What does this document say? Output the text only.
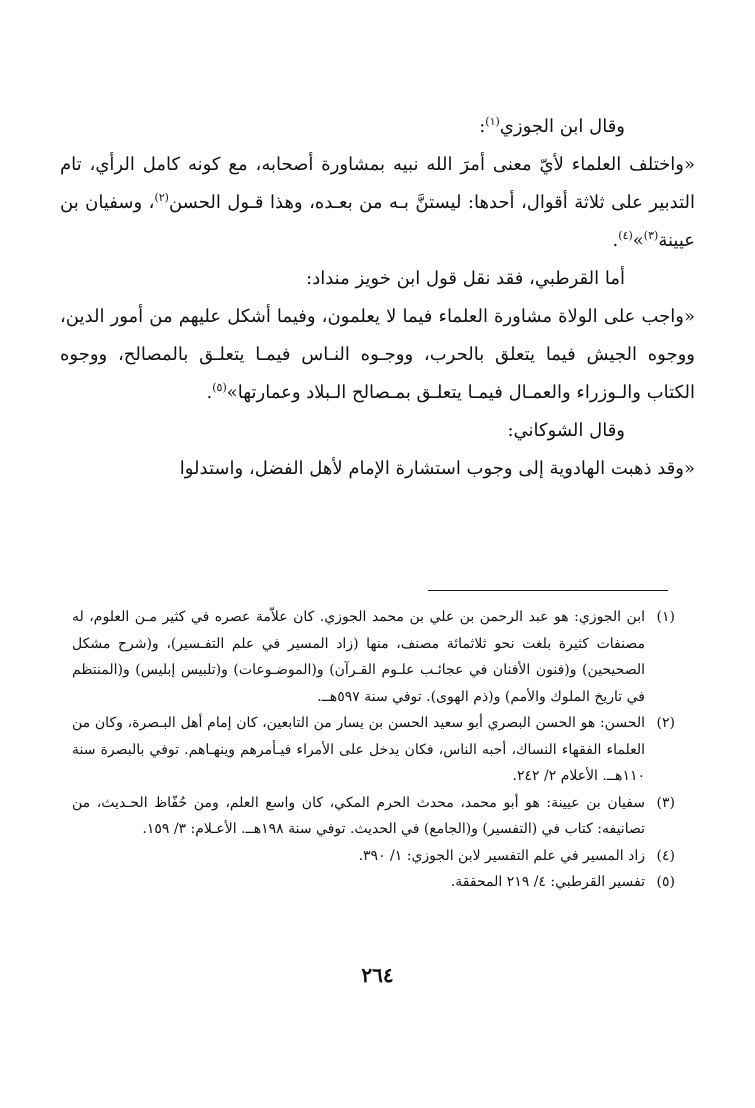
وقال ابن الجوزي$^{(١)}$:

«واختلف العلماء لأيّ معنى أمرَ الله نبيه بمشاورة أصحابه، مع كونه كامل الرأي، تام التدبير على ثلاثة أقوال، أحدها: ليستنَّ بـه من بعـده، وهذا قـول الحسن$^{(٢)}$، وسفيان بن عيينة$^{(٣)}$»$^{(٤)}$.

أما القرطبي، فقد نقل قول ابن خويز منداد:

«واجب على الولاة مشاورة العلماء فيما لا يعلمون، وفيما أشكل عليهم من أمور الدين، ووجوه الجيش فيما يتعلق بالحرب، ووجـوه النـاس فيمـا يتعلـق بالمصالح، ووجوه الكتاب والـوزراء والعمـال فيمـا يتعلـق بمـصالح الـبلاد وعمارتها»$^{(٥)}$.

وقال الشوكاني:

«وقد ذهبت الهادوية إلى وجوب استشارة الإمام لأهل الفضل، واستدلوا

(١)
ابن الجوزي: هو عبد الرحمن بن علي بن محمد الجوزي. كان علاّمة عصره في كثير مـن العلوم، له مصنفات كثيرة بلغت نحو ثلاثمائة مصنف، منها (زاد المسير في علم التفـسير)، و(شرح مشكل الصحيحين) و(فنون الأفنان في عجائـب علـوم القـرآن) و(الموضـوعات) و(تلبيس إبليس) و(المنتظم في تاريخ الملوك والأمم) و(ذم الهوى). توفي سنة ٥٩٧هــ.

(٢)
الحسن: هو الحسن البصري أبو سعيد الحسن بن يسار من التابعين، كان إمام أهل البـصرة، وكان من العلماء الفقهاء النساك، أحبه الناس، فكان يدخل على الأمراء فيـأمرهم وينهـاهم. توفي بالبصرة سنة ١١٠هــ. الأعلام ٢/ ٢٤٢.

(٣)
سفيان بن عيينة: هو أبو محمد، محدث الحرم المكي، كان واسع العلم، ومن حُفّاظ الحـديث، من تصانيفه: كتاب في (التفسير) و(الجامع) في الحديث. توفي سنة ١٩٨هــ. الأعـلام: ٣/ ١٥٩.

(٤)
زاد المسير في علم التفسير لابن الجوزي: ١/ ٣٩٠.

(٥)
تفسير القرطبي: ٤/ ٢١٩ المحققة.

٢٦٤
